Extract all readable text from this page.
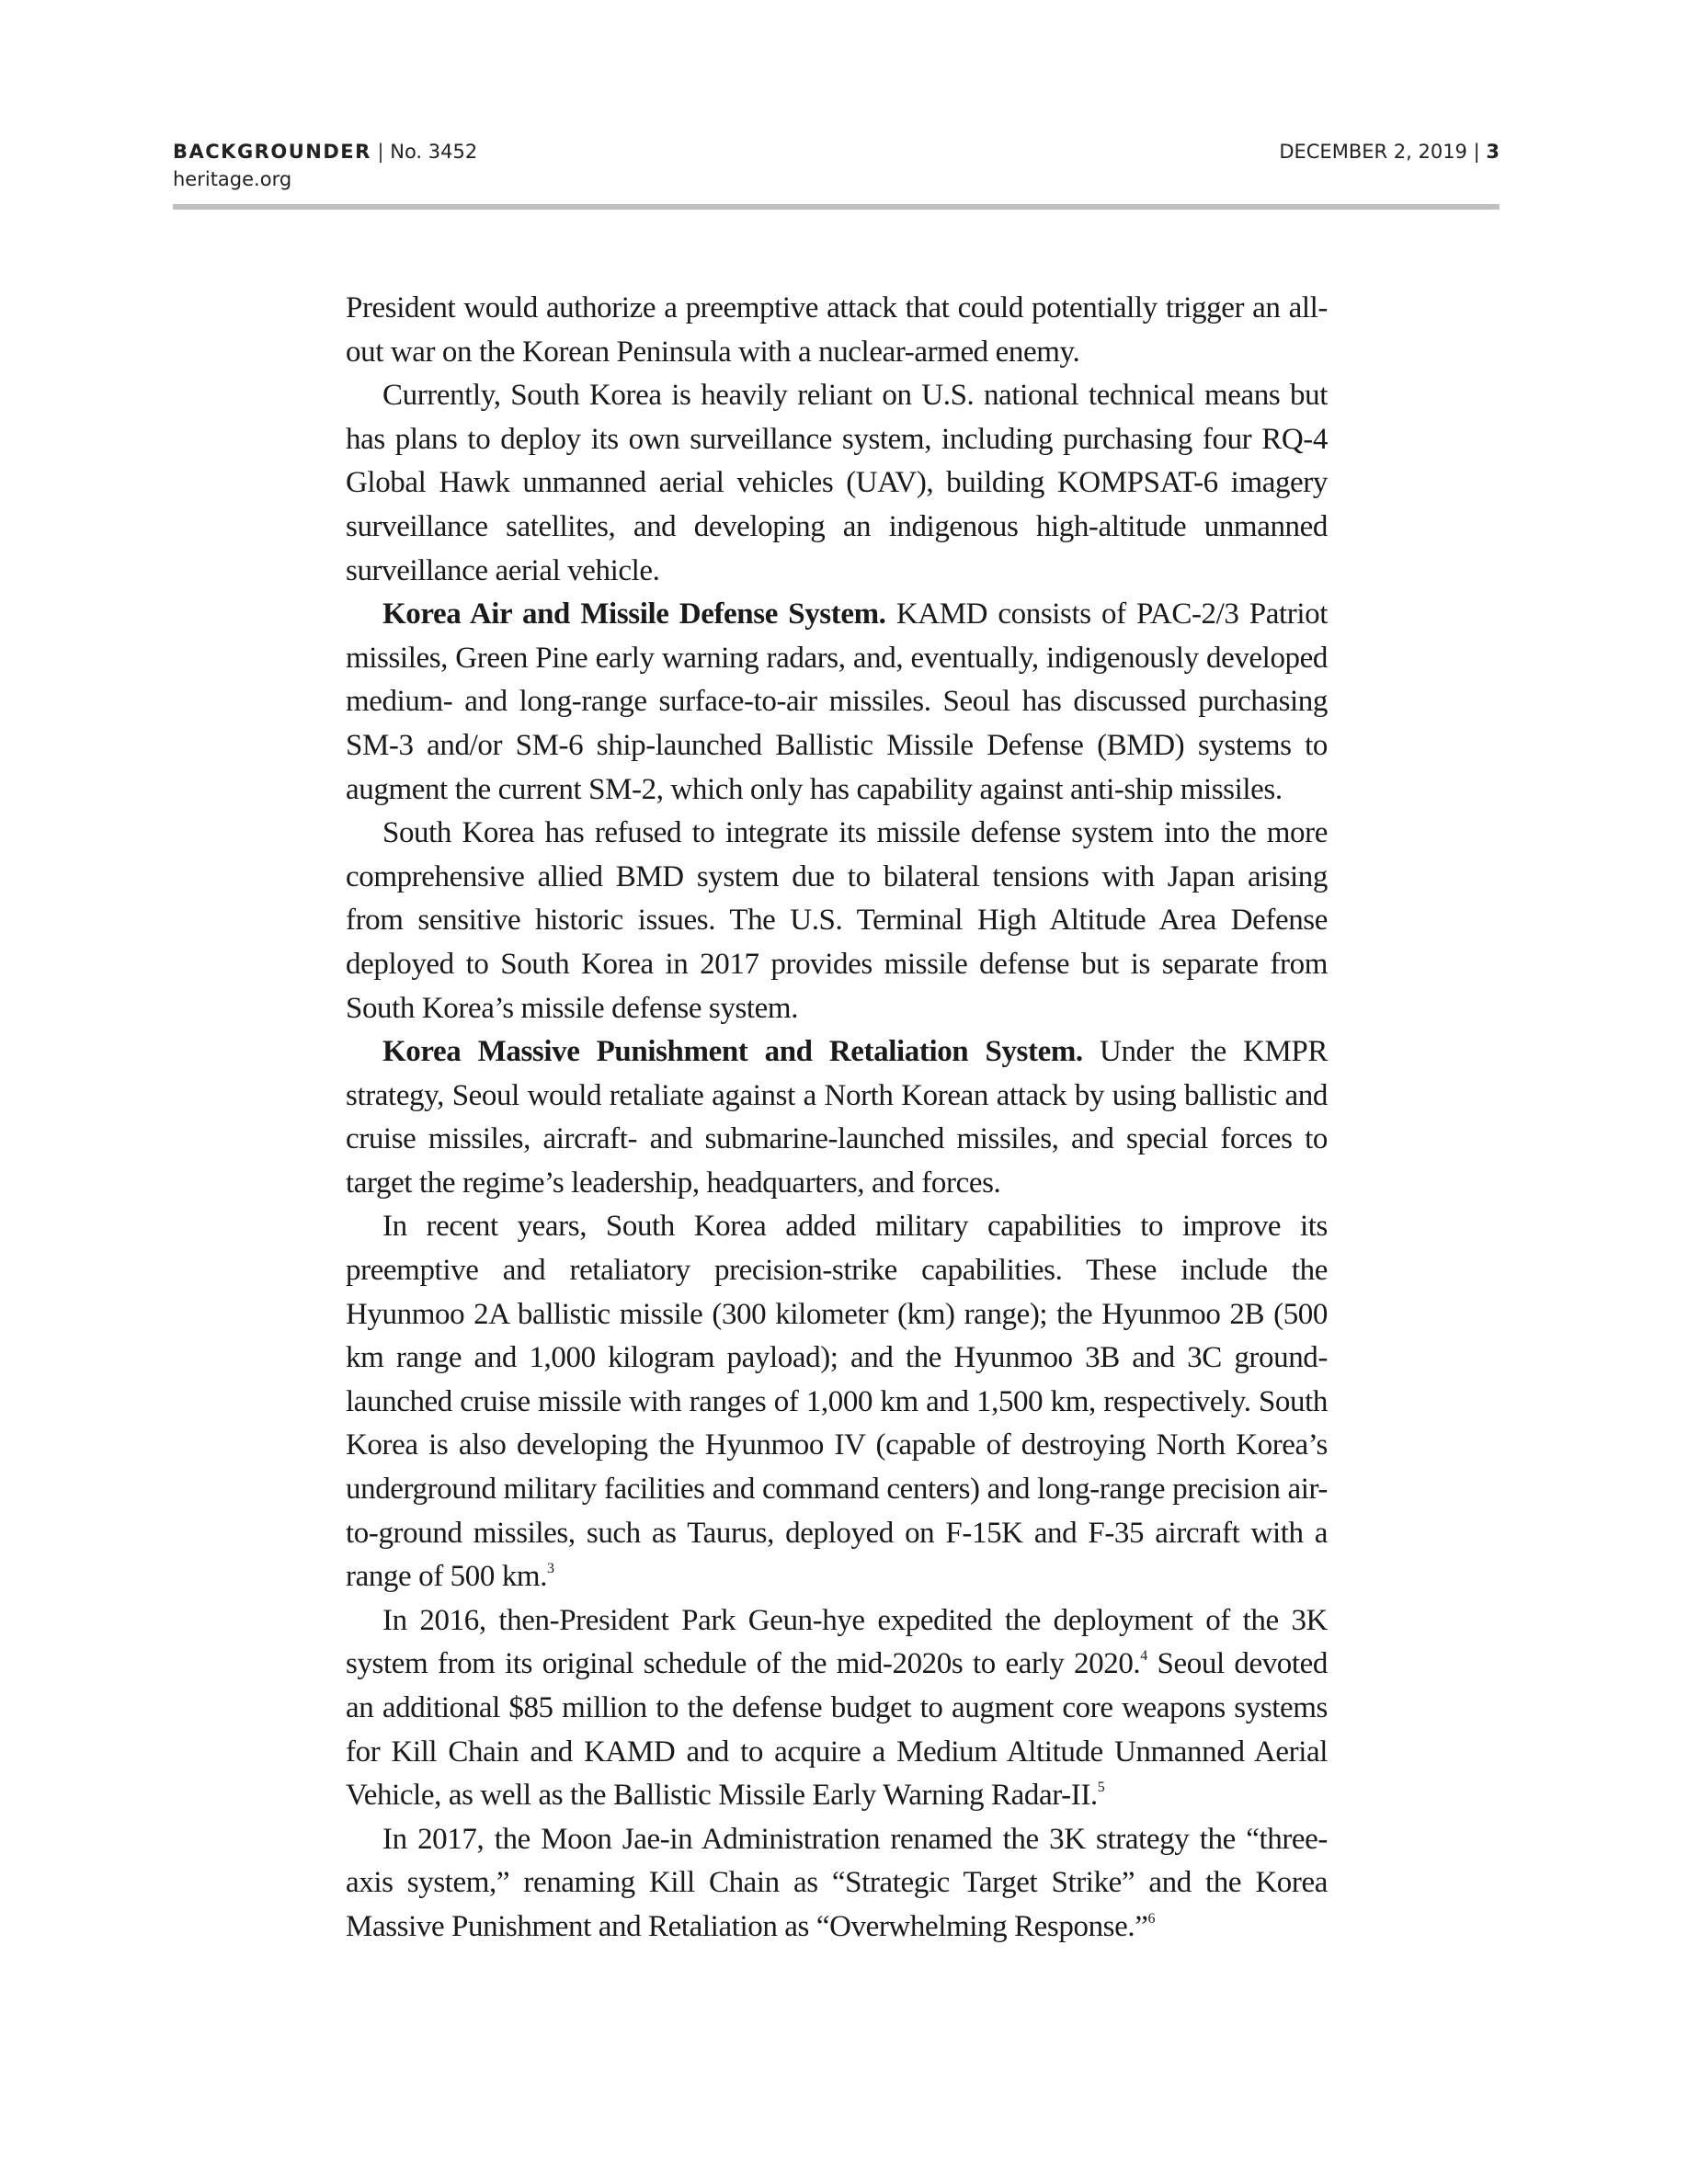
BACKGROUNDER | No. 3452
heritage.org
DECEMBER 2, 2019 | 3

President would authorize a preemptive attack that could potentially trigger an all-out war on the Korean Peninsula with a nuclear-armed enemy.

Currently, South Korea is heavily reliant on U.S. national technical means but has plans to deploy its own surveillance system, including purchasing four RQ-4 Global Hawk unmanned aerial vehicles (UAV), building KOMPSAT-6 imagery surveillance satellites, and developing an indigenous high-altitude unmanned surveillance aerial vehicle.

Korea Air and Missile Defense System. KAMD consists of PAC-2/3 Patriot missiles, Green Pine early warning radars, and, eventually, indigenously developed medium- and long-range surface-to-air missiles. Seoul has discussed purchasing SM-3 and/or SM-6 ship-launched Ballistic Missile Defense (BMD) systems to augment the current SM-2, which only has capability against anti-ship missiles.

South Korea has refused to integrate its missile defense system into the more comprehensive allied BMD system due to bilateral tensions with Japan arising from sensitive historic issues. The U.S. Terminal High Altitude Area Defense deployed to South Korea in 2017 provides missile defense but is separate from South Korea’s missile defense system.

Korea Massive Punishment and Retaliation System. Under the KMPR strategy, Seoul would retaliate against a North Korean attack by using ballistic and cruise missiles, aircraft- and submarine-launched missiles, and special forces to target the regime’s leadership, headquarters, and forces.

In recent years, South Korea added military capabilities to improve its preemptive and retaliatory precision-strike capabilities. These include the Hyunmoo 2A ballistic missile (300 kilometer (km) range); the Hyunmoo 2B (500 km range and 1,000 kilogram payload); and the Hyunmoo 3B and 3C ground-launched cruise missile with ranges of 1,000 km and 1,500 km, respectively. South Korea is also developing the Hyunmoo IV (capable of destroying North Korea’s underground military facilities and command centers) and long-range precision air-to-ground missiles, such as Taurus, deployed on F-15K and F-35 aircraft with a range of 500 km.$^3$

In 2016, then-President Park Geun-hye expedited the deployment of the 3K system from its original schedule of the mid-2020s to early 2020.$^4$ Seoul devoted an additional $85 million to the defense budget to augment core weapons systems for Kill Chain and KAMD and to acquire a Medium Altitude Unmanned Aerial Vehicle, as well as the Ballistic Missile Early Warning Radar-II.$^5$

In 2017, the Moon Jae-in Administration renamed the 3K strategy the “three-axis system,” renaming Kill Chain as “Strategic Target Strike” and the Korea Massive Punishment and Retaliation as “Overwhelming Response.”$^6$
